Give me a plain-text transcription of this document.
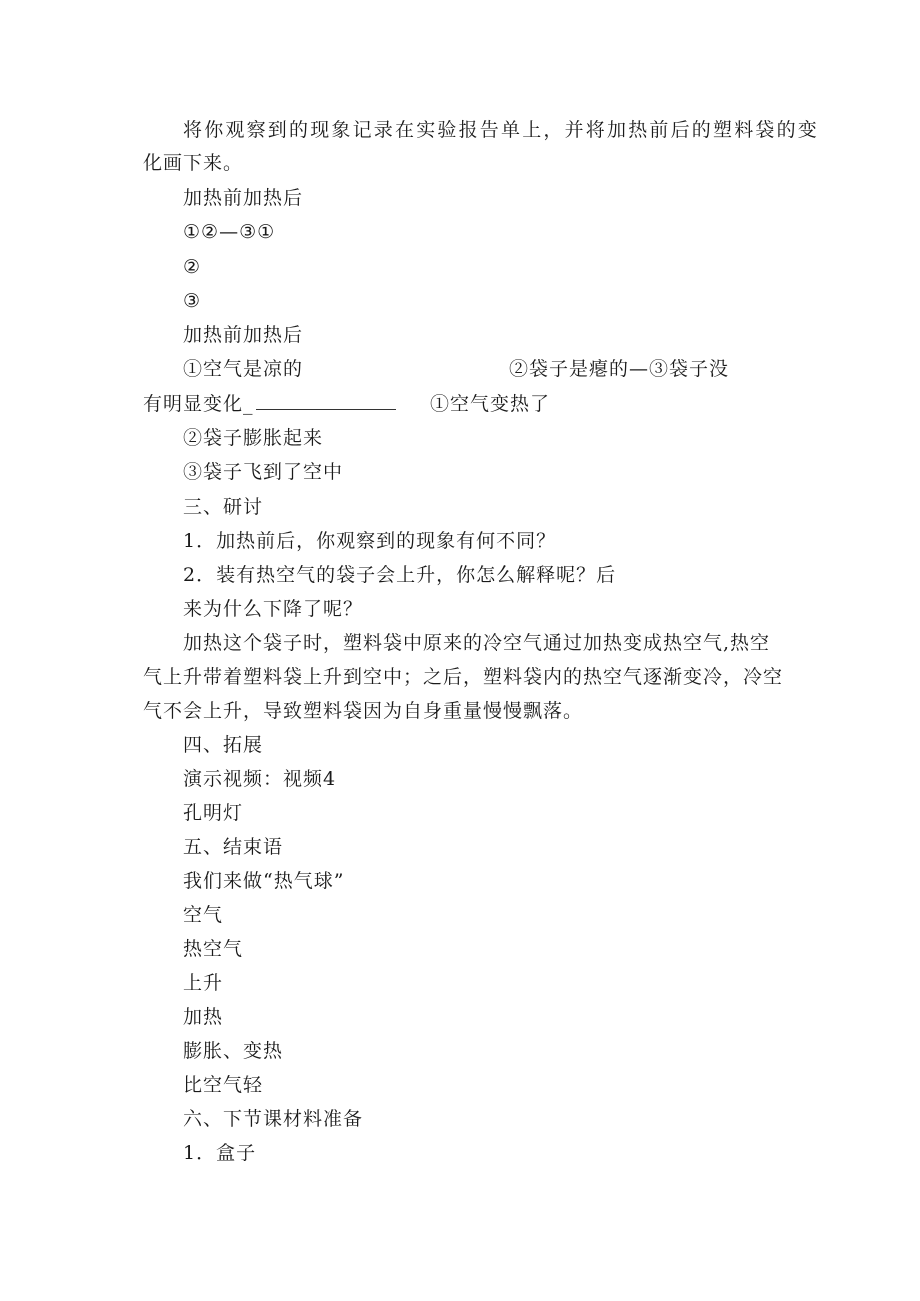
将你观察到的现象记录在实验报告单上，并将加热前后的塑料袋的变
化画下来。
加热前加热后
①②—③①
②
③
加热前加热后
①空气是凉的	②袋子是瘪的—③袋子没
有明显变化_	①空气变热了
②袋子膨胀起来
③袋子飞到了空中
三、研讨
1．加热前后，你观察到的现象有何不同？
2．装有热空气的袋子会上升，你怎么解释呢？后
来为什么下降了呢？
加热这个袋子时，塑料袋中原来的冷空气通过加热变成热空气,热空
气上升带着塑料袋上升到空中；之后，塑料袋内的热空气逐渐变冷，冷空
气不会上升，导致塑料袋因为自身重量慢慢飘落。
四、拓展
演示视频：视频4
孔明灯
五、结束语
我们来做“热气球”
空气
热空气
上升
加热
膨胀、变热
比空气轻
六、下节课材料准备
1．盒子
